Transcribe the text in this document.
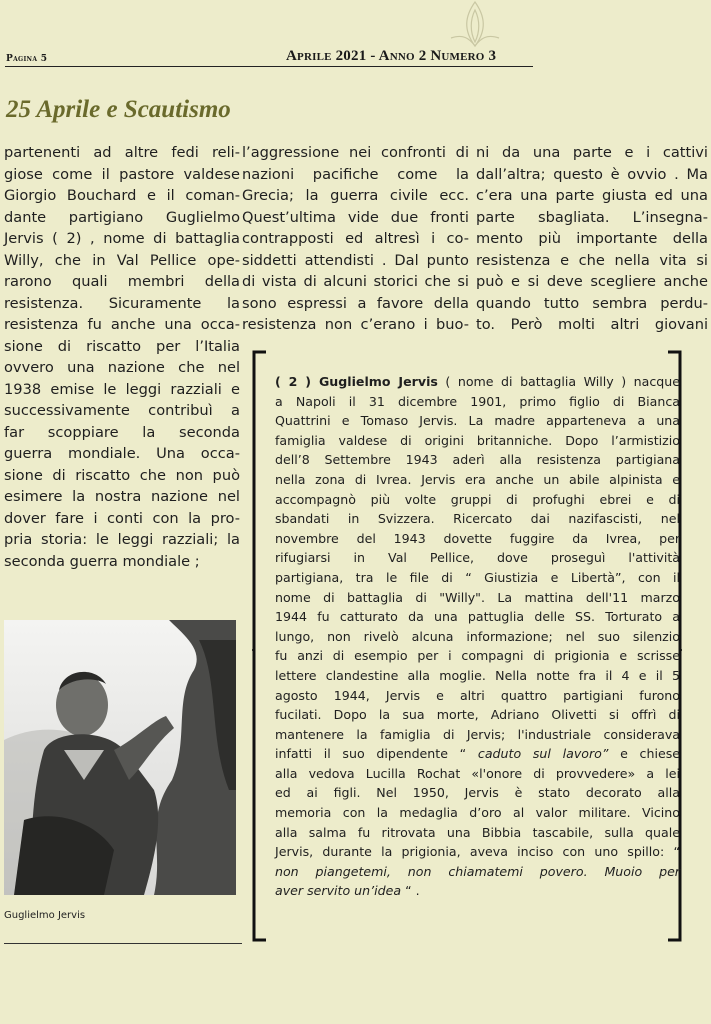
Pagina 5	Aprile 2021 - Anno 2 Numero 3
25 Aprile e Scautismo
partenenti ad altre fedi reli-
giose come il pastore valdese
Giorgio Bouchard e il coman-
dante partigiano Guglielmo
Jervis ( 2) , nome di battaglia
Willy, che in Val Pellice ope-
rarono quali membri della
resistenza. Sicuramente la
resistenza fu anche una occa-
sione di riscatto per l’Italia
ovvero una nazione che nel
1938 emise le leggi razziali e
successivamente contribuì a
far scoppiare la seconda
guerra mondiale. Una occa-
sione di riscatto che non può
esimere la nostra nazione nel
dover fare i conti con la pro-
pria storia: le leggi razziali; la
seconda guerra mondiale ;
l’aggressione nei confronti di
nazioni pacifiche come la
Grecia; la guerra civile ecc.
Quest’ultima vide due fronti
contrapposti ed altresì i co-
siddetti attendisti . Dal punto
di vista di alcuni storici che si
sono espressi a favore della
resistenza non c’erano i buo-
ni da una parte e i cattivi
dall’altra; questo è ovvio . Ma
c’era una parte giusta ed una
parte sbagliata. L’insegna-
mento più importante della
resistenza e che nella vita si
può e si deve scegliere anche
quando tutto sembra perdu-
to. Però molti altri giovani
Guglielmo Jervis
( 2 ) Guglielmo Jervis ( nome di battaglia Willy ) nacque
a Napoli il 31 dicembre 1901, primo figlio di Bianca
Quattrini e Tomaso Jervis. La madre apparteneva a una
famiglia valdese di origini britanniche. Dopo l’armistizio
dell’8 Settembre 1943 aderì alla resistenza partigiana
nella zona di Ivrea. Jervis era anche un abile alpinista e
accompagnò più volte gruppi di profughi ebrei e di
sbandati in Svizzera. Ricercato dai nazifascisti, nel
novembre del 1943 dovette fuggire da Ivrea, per
rifugiarsi in Val Pellice, dove proseguì l'attività
partigiana, tra le file di “ Giustizia e Libertà”, con il
nome di battaglia di "Willy". La mattina dell'11 marzo
1944 fu catturato da una pattuglia delle SS. Torturato a
lungo, non rivelò alcuna informazione; nel suo silenzio
fu anzi di esempio per i compagni di prigionia e scrisse
lettere clandestine alla moglie. Nella notte fra il 4 e il 5
agosto 1944, Jervis e altri quattro partigiani furono
fucilati. Dopo la sua morte, Adriano Olivetti si offrì di
mantenere la famiglia di Jervis; l'industriale considerava
infatti il suo dipendente “ caduto sul lavoro” e chiese
alla vedova Lucilla Rochat «l'onore di provvedere» a lei
ed ai figli. Nel 1950, Jervis è stato decorato alla
memoria con la medaglia d’oro al valor militare. Vicino
alla salma fu ritrovata una Bibbia tascabile, sulla quale
Jervis, durante la prigionia, aveva inciso con uno spillo: “
non piangetemi, non chiamatemi povero. Muoio per
aver servito un’idea “ .
